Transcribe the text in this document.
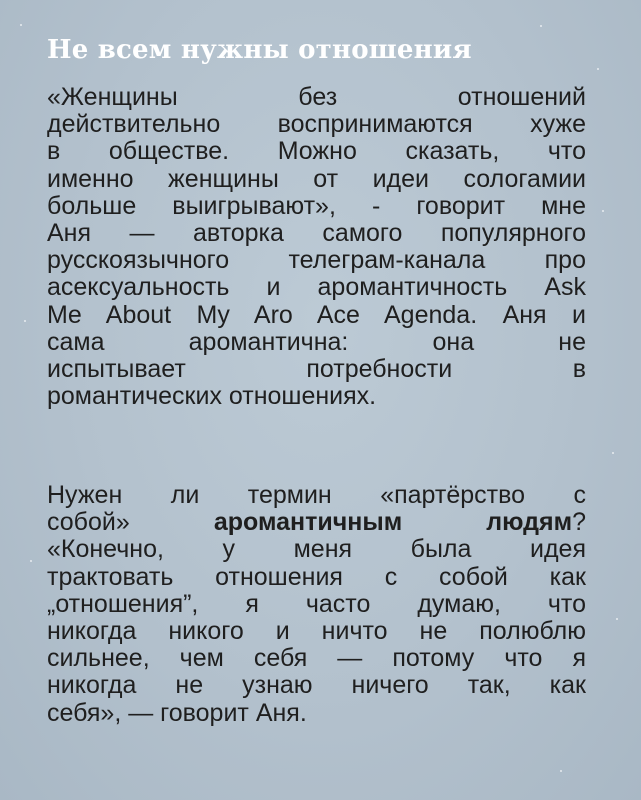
Не всем нужны отношения
«Женщины без отношений
действительно воспринимаются хуже
в обществе. Можно сказать, что
именно женщины от идеи сологамии
больше выигрывают», - говорит мне
Аня — авторка самого популярного
русскоязычного телеграм-канала про
асексуальность и аромантичность Ask
Me About My Aro Ace Agenda. Аня и
сама аромантична: она не
испытывает потребности в
романтических отношениях.
Нужен ли термин «партёрство с
собой» аромантичным людям?
«Конечно, у меня была идея
трактовать отношения с собой как
„отношения”, я часто думаю, что
никогда никого и ничто не полюблю
сильнее, чем себя — потому что я
никогда не узнаю ничего так, как
себя», — говорит Аня.
